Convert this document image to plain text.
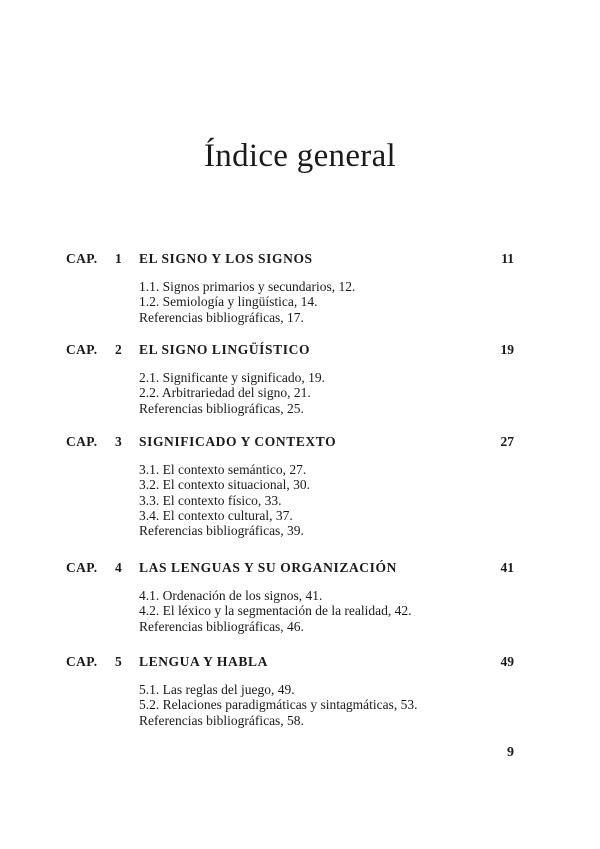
Índice general
CAP. 1 EL SIGNO Y LOS SIGNOS	11
1.1. Signos primarios y secundarios, 12.
1.2. Semiología y lingüística, 14.
Referencias bibliográficas, 17.
CAP. 2 EL SIGNO LINGÜÍSTICO	19
2.1. Significante y significado, 19.
2.2. Arbitrariedad del signo, 21.
Referencias bibliográficas, 25.
CAP. 3 SIGNIFICADO Y CONTEXTO	27
3.1. El contexto semántico, 27.
3.2. El contexto situacional, 30.
3.3. El contexto físico, 33.
3.4. El contexto cultural, 37.
Referencias bibliográficas, 39.
CAP. 4 LAS LENGUAS Y SU ORGANIZACIÓN	41
4.1. Ordenación de los signos, 41.
4.2. El léxico y la segmentación de la realidad, 42.
Referencias bibliográficas, 46.
CAP. 5 LENGUA Y HABLA	49
5.1. Las reglas del juego, 49.
5.2. Relaciones paradigmáticas y sintagmáticas, 53.
Referencias bibliográficas, 58.
9
